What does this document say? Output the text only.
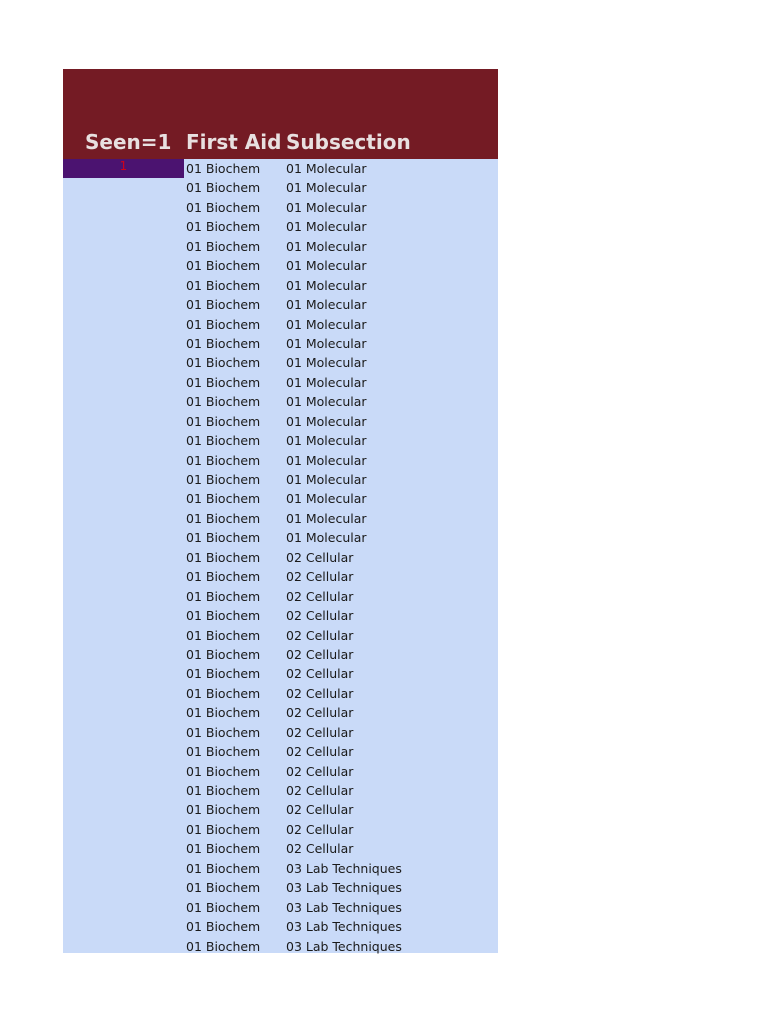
Seen=1 First Aid Subsection
1	01 Biochem 01 Molecular
01 Biochem 01 Molecular
01 Biochem 01 Molecular
01 Biochem 01 Molecular
01 Biochem 01 Molecular
01 Biochem 01 Molecular
01 Biochem 01 Molecular
01 Biochem 01 Molecular
01 Biochem 01 Molecular
01 Biochem 01 Molecular
01 Biochem 01 Molecular
01 Biochem 01 Molecular
01 Biochem 01 Molecular
01 Biochem 01 Molecular
01 Biochem 01 Molecular
01 Biochem 01 Molecular
01 Biochem 01 Molecular
01 Biochem 01 Molecular
01 Biochem 01 Molecular
01 Biochem 01 Molecular
01 Biochem 02 Cellular
01 Biochem 02 Cellular
01 Biochem 02 Cellular
01 Biochem 02 Cellular
01 Biochem 02 Cellular
01 Biochem 02 Cellular
01 Biochem 02 Cellular
01 Biochem 02 Cellular
01 Biochem 02 Cellular
01 Biochem 02 Cellular
01 Biochem 02 Cellular
01 Biochem 02 Cellular
01 Biochem 02 Cellular
01 Biochem 02 Cellular
01 Biochem 02 Cellular
01 Biochem 02 Cellular
01 Biochem 03 Lab Techniques
01 Biochem 03 Lab Techniques
01 Biochem 03 Lab Techniques
01 Biochem 03 Lab Techniques
01 Biochem 03 Lab Techniques
